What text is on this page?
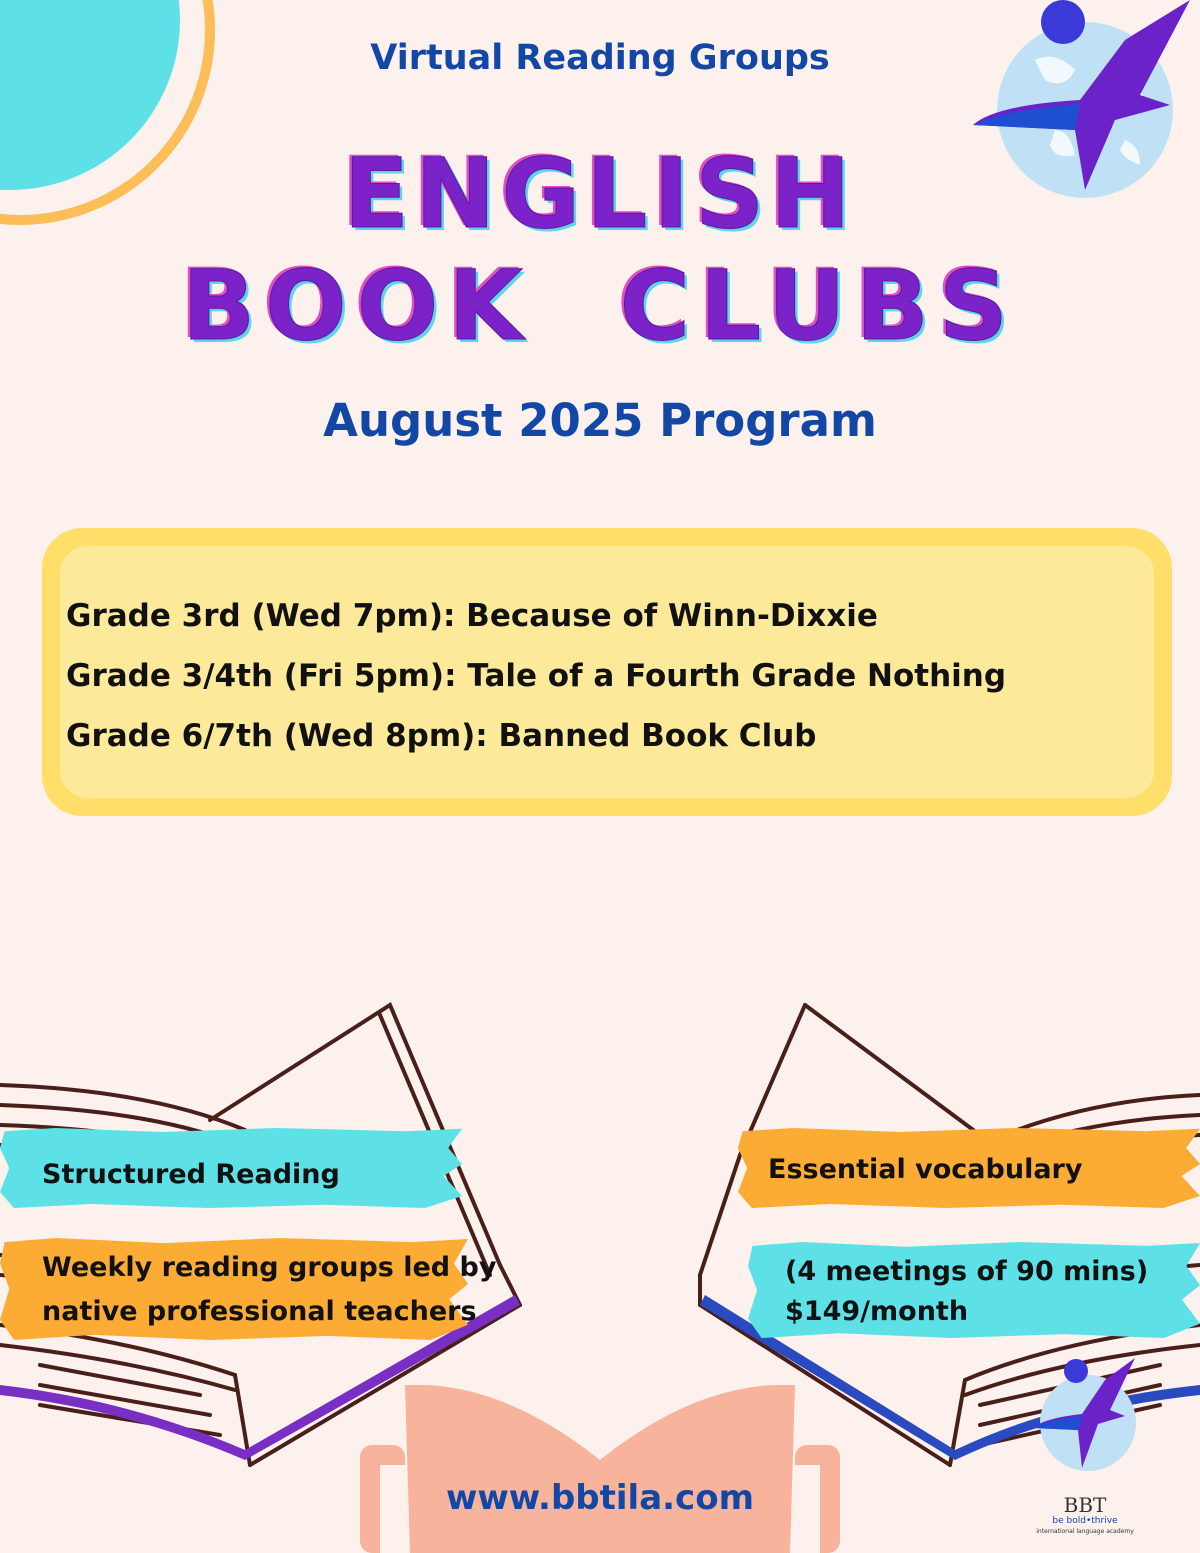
Virtual Reading Groups
ENGLISH
BOOK  CLUBS
August 2025 Program
Grade 3rd (Wed 7pm): Because of Winn-Dixxie
Grade 3/4th (Fri 5pm): Tale of a Fourth Grade Nothing
Grade 6/7th (Wed 8pm): Banned Book Club
Structured Reading
Weekly reading groups led by
native professional teachers
Essential vocabulary
(4 meetings of 90 mins)
$149/month
www.bbtila.com	BBT
be bold•thrive
international language academy
